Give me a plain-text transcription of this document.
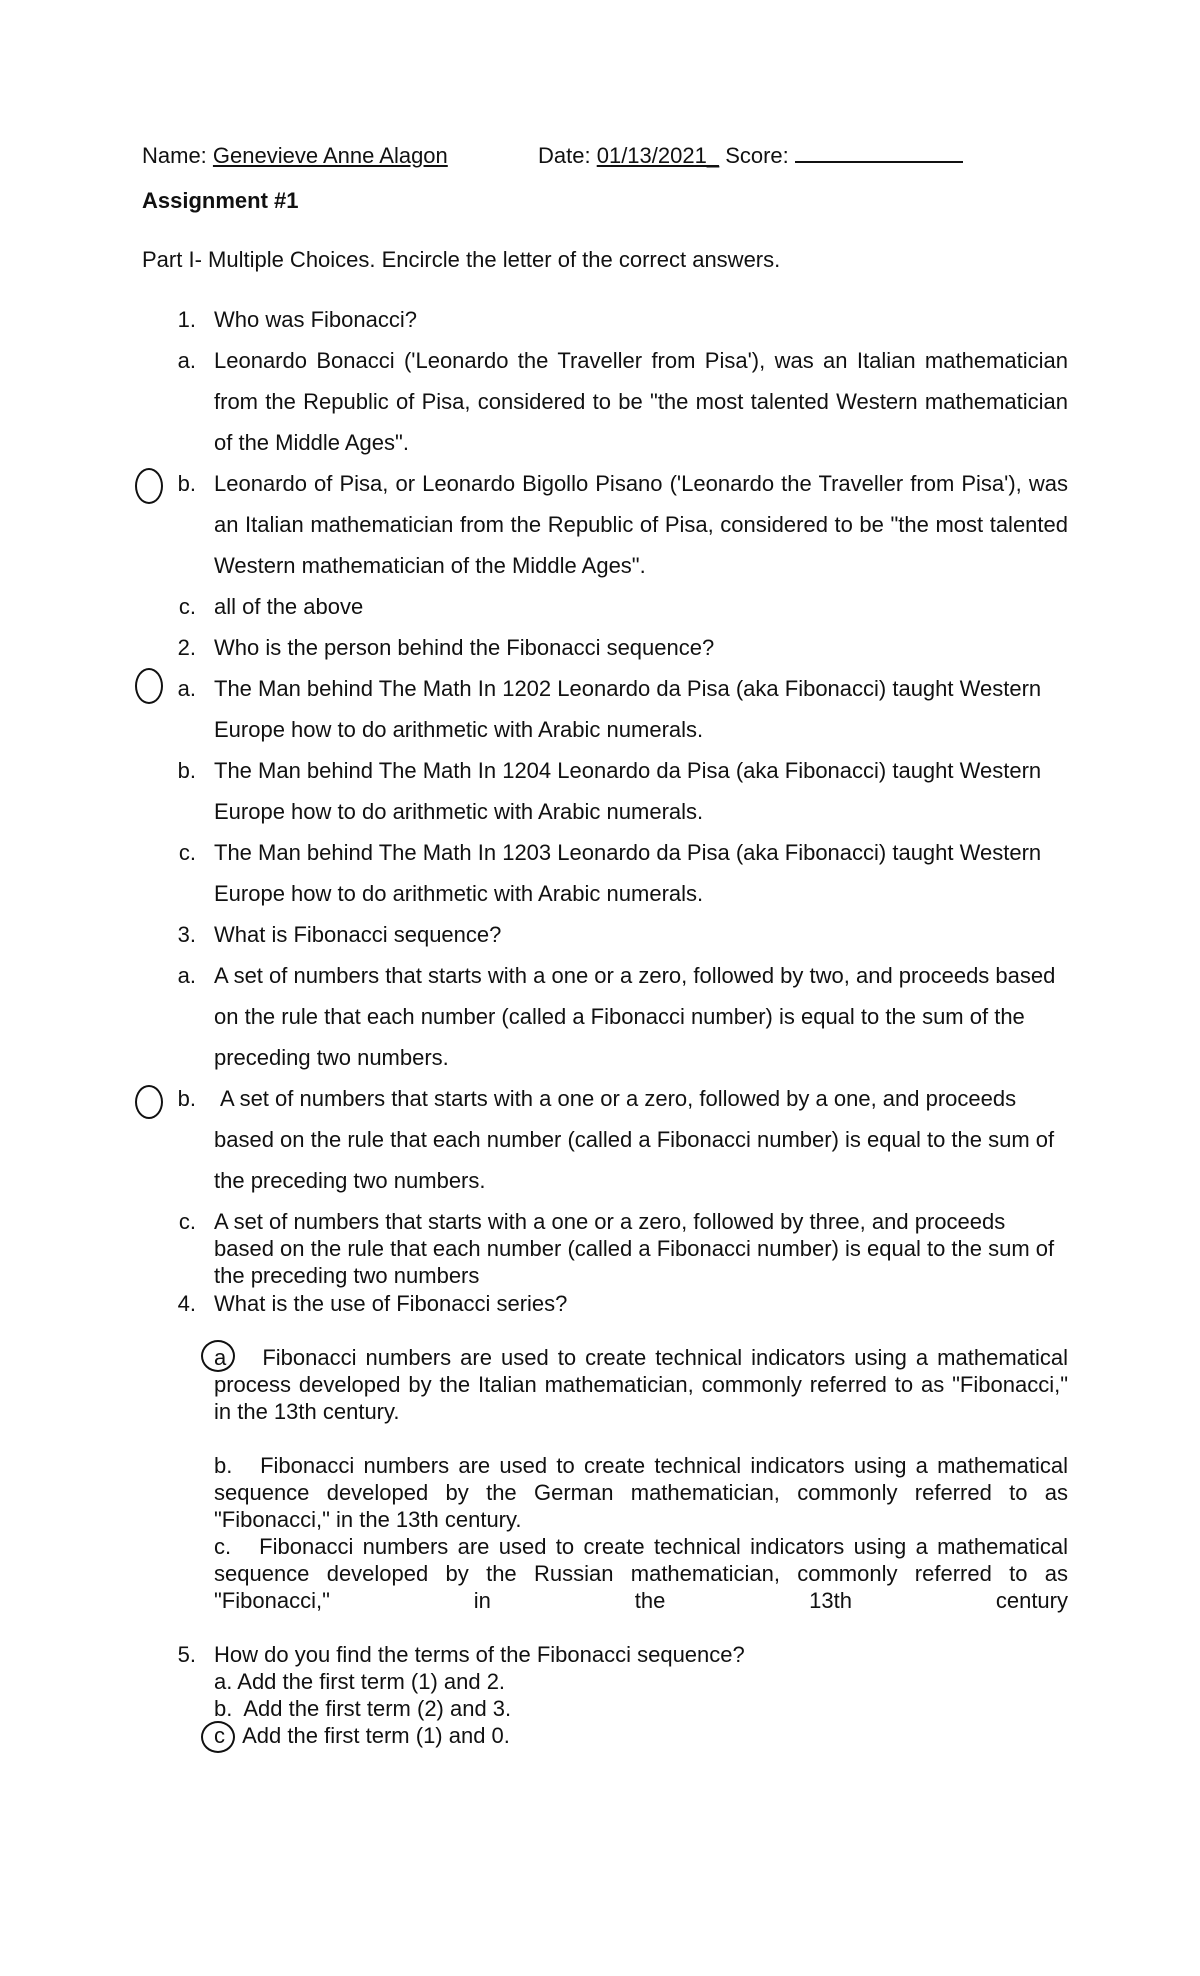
Name: Genevieve Anne Alagon	Date: 01/13/2021_ Score:
Assignment #1
Part I- Multiple Choices. Encircle the letter of the correct answers.
1. Who was Fibonacci?
a. Leonardo Bonacci ('Leonardo the Traveller from Pisa'), was an Italian mathematician from the Republic of Pisa, considered to be "the most talented Western mathematician of the Middle Ages".
b. Leonardo of Pisa, or Leonardo Bigollo Pisano ('Leonardo the Traveller from Pisa'), was an Italian mathematician from the Republic of Pisa, considered to be "the most talented Western mathematician of the Middle Ages".
c. all of the above
2. Who is the person behind the Fibonacci sequence?
a. The Man behind The Math In 1202 Leonardo da Pisa (aka Fibonacci) taught Western Europe how to do arithmetic with Arabic numerals.
b. The Man behind The Math In 1204 Leonardo da Pisa (aka Fibonacci) taught Western Europe how to do arithmetic with Arabic numerals.
c. The Man behind The Math In 1203 Leonardo da Pisa (aka Fibonacci) taught Western Europe how to do arithmetic with Arabic numerals.
3. What is Fibonacci sequence?
a. A set of numbers that starts with a one or a zero, followed by two, and proceeds based on the rule that each number (called a Fibonacci number) is equal to the sum of the preceding two numbers.
b. A set of numbers that starts with a one or a zero, followed by a one, and proceeds based on the rule that each number (called a Fibonacci number) is equal to the sum of the preceding two numbers.
c. A set of numbers that starts with a one or a zero, followed by three, and proceeds based on the rule that each number (called a Fibonacci number) is equal to the sum of the preceding two numbers
4. What is the use of Fibonacci series?
a Fibonacci numbers are used to create technical indicators using a mathematical process developed by the Italian mathematician, commonly referred to as "Fibonacci," in the 13th century.
b. Fibonacci numbers are used to create technical indicators using a mathematical sequence developed by the German mathematician, commonly referred to as "Fibonacci," in the 13th century.
c. Fibonacci numbers are used to create technical indicators using a mathematical sequence developed by the Russian mathematician, commonly referred to as "Fibonacci," in the 13th century
5. How do you find the terms of the Fibonacci sequence?
a. Add the first term (1) and 2.
b. Add the first term (2) and 3.
c Add the first term (1) and 0.
